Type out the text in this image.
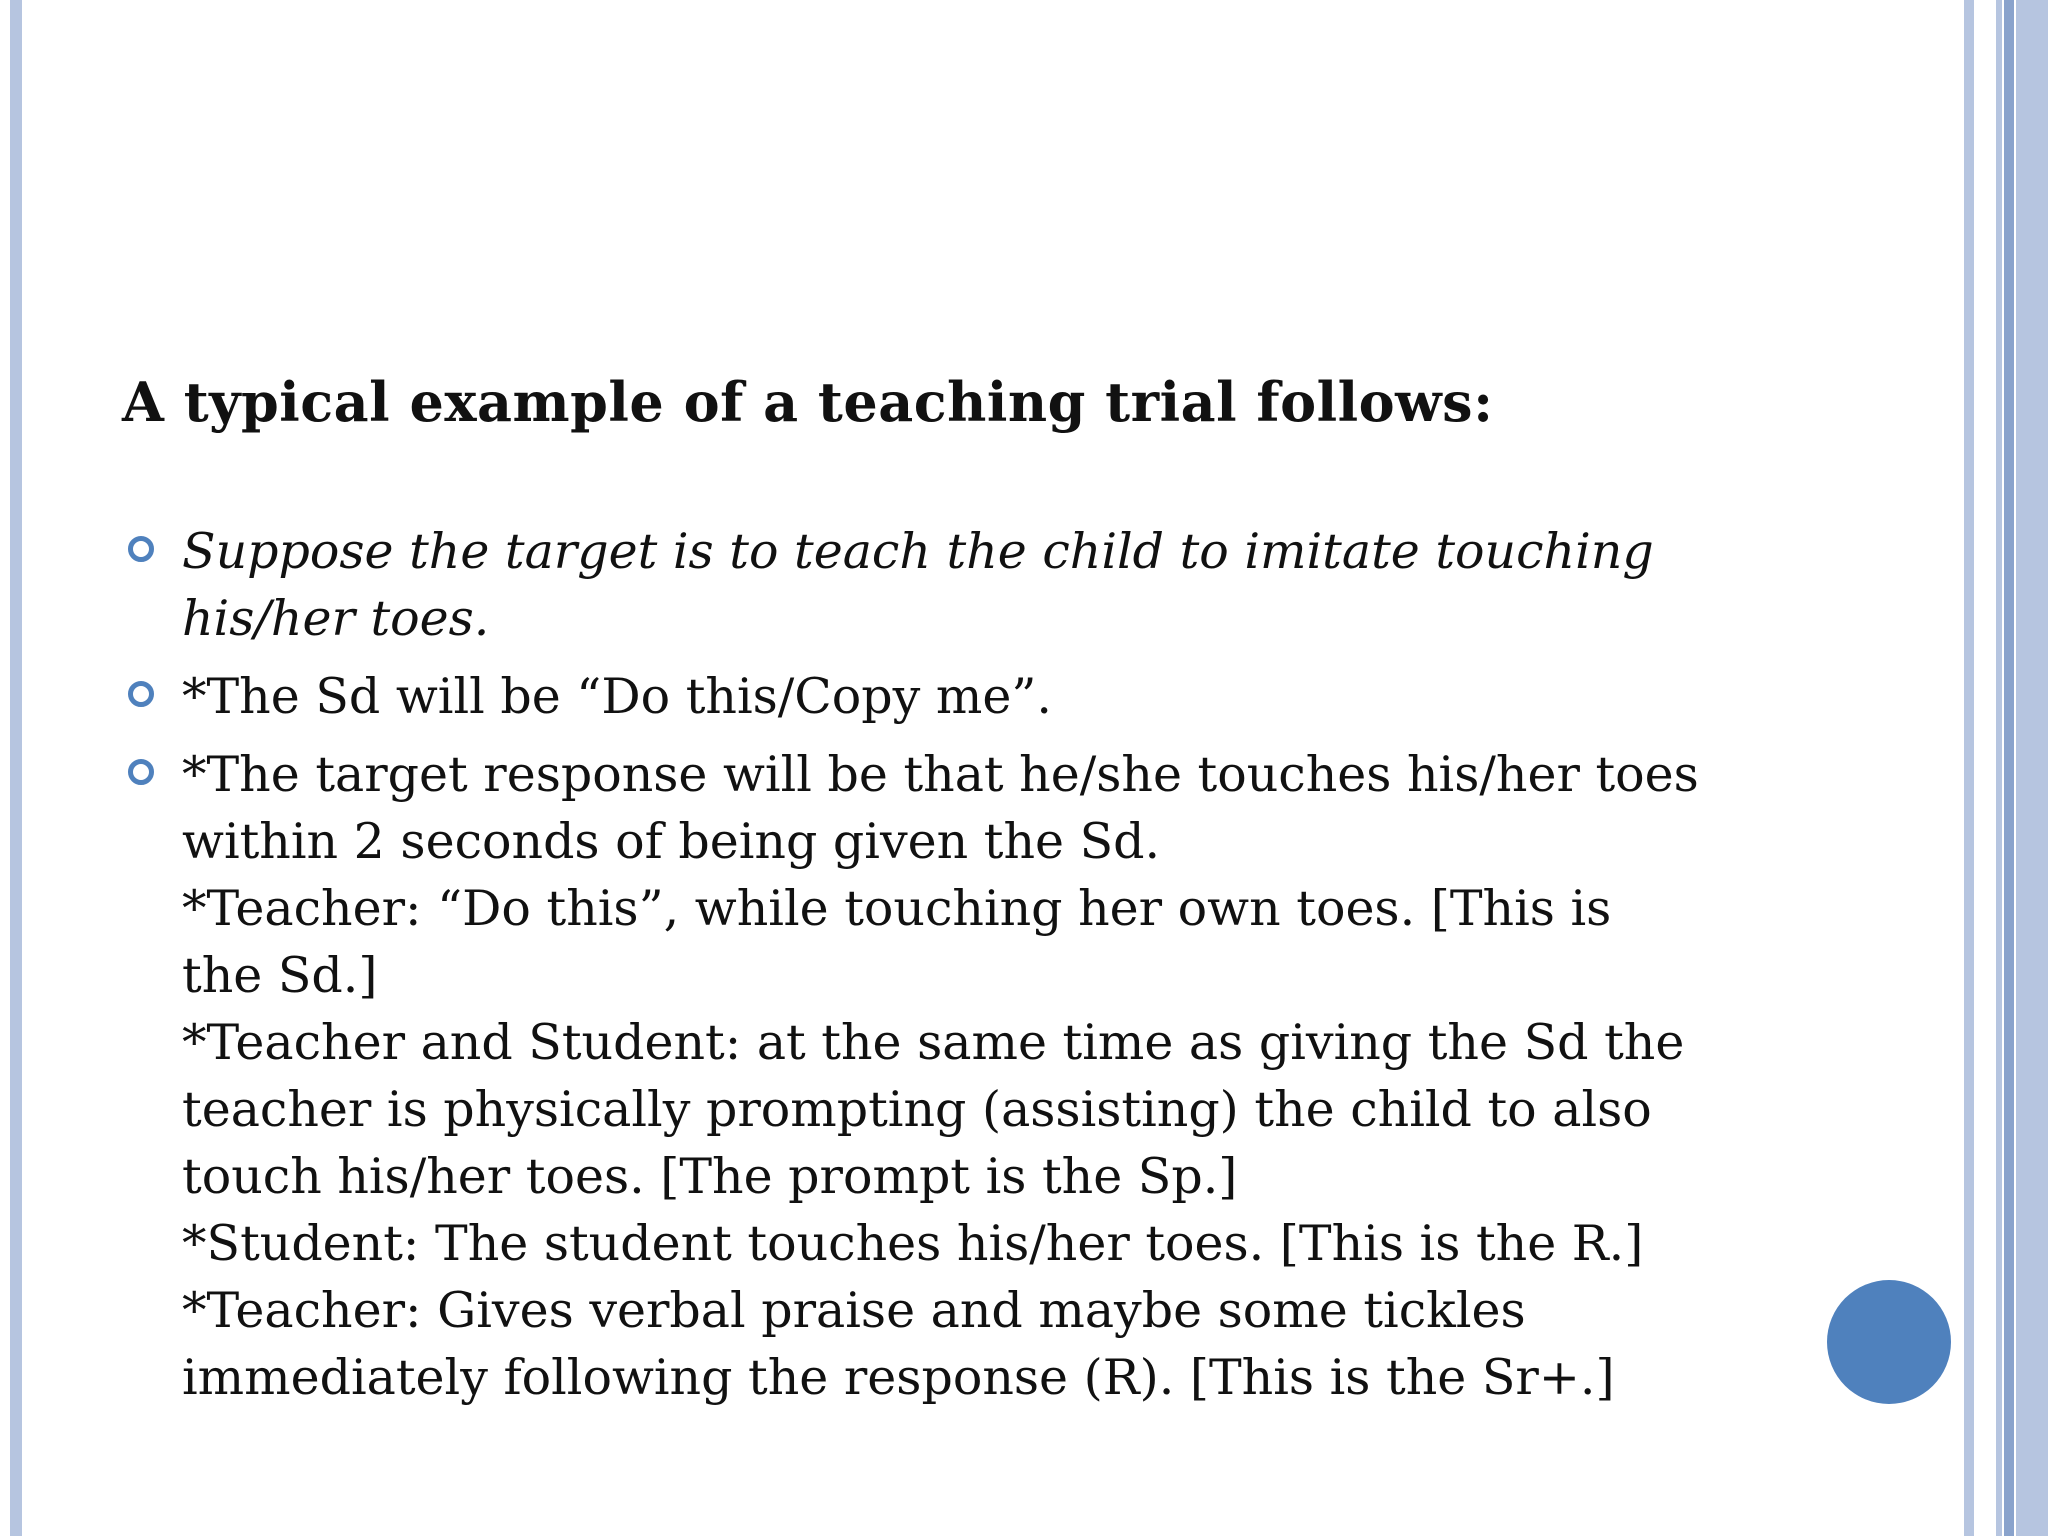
A typical example of a teaching trial follows:
Suppose the target is to teach the child to imitate touching
his/her toes.
*The Sd will be “Do this/Copy me”.
*The target response will be that he/she touches his/her toes
within 2 seconds of being given the Sd.
*Teacher: “Do this”, while touching her own toes. [This is
the Sd.]
*Teacher and Student: at the same time as giving the Sd the
teacher is physically prompting (assisting) the child to also
touch his/her toes. [The prompt is the Sp.]
*Student: The student touches his/her toes. [This is the R.]
*Teacher: Gives verbal praise and maybe some tickles
immediately following the response (R). [This is the Sr+.]
